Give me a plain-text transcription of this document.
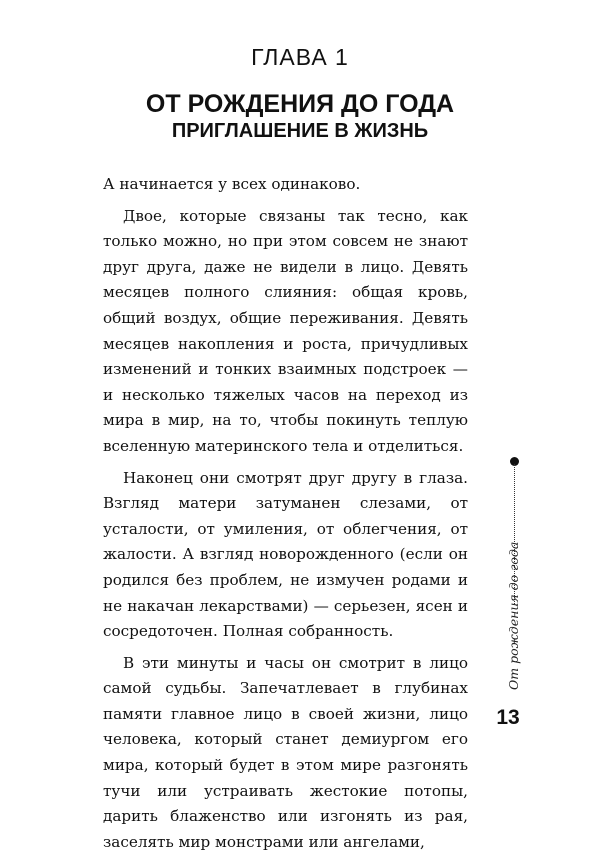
ГЛАВА 1
ОТ РОЖДЕНИЯ ДО ГОДА
ПРИГЛАШЕНИЕ В ЖИЗНЬ

А начинается у всех одинаково.

Двое, которые связаны так тесно, как только можно, но при этом совсем не знают друг друга, даже не видели в лицо. Девять месяцев полного слияния: общая кровь, общий воздух, общие переживания. Девять месяцев накопления и роста, причудливых изменений и тонких взаимных подстроек — и несколько тяжелых часов на переход из мира в мир, на то, чтобы покинуть теплую вселенную материнского тела и отделиться.

Наконец они смотрят друг другу в глаза. Взгляд матери затуманен слезами, от усталости, от умиления, от облегчения, от жалости. А взгляд новорожденного (если он родился без проблем, не измучен родами и не накачан лекарствами) — серьезен, ясен и сосредоточен. Полная собранность.

В эти минуты и часы он смотрит в лицо самой судьбы. Запечатлевает в глубинах памяти главное лицо в своей жизни, лицо человека, который станет демиургом его мира, который будет в этом мире разгонять тучи или устраивать жестокие потопы, дарить блаженство или изгонять из рая, заселять мир монстрами или ангелами,

От рождения до года
13
